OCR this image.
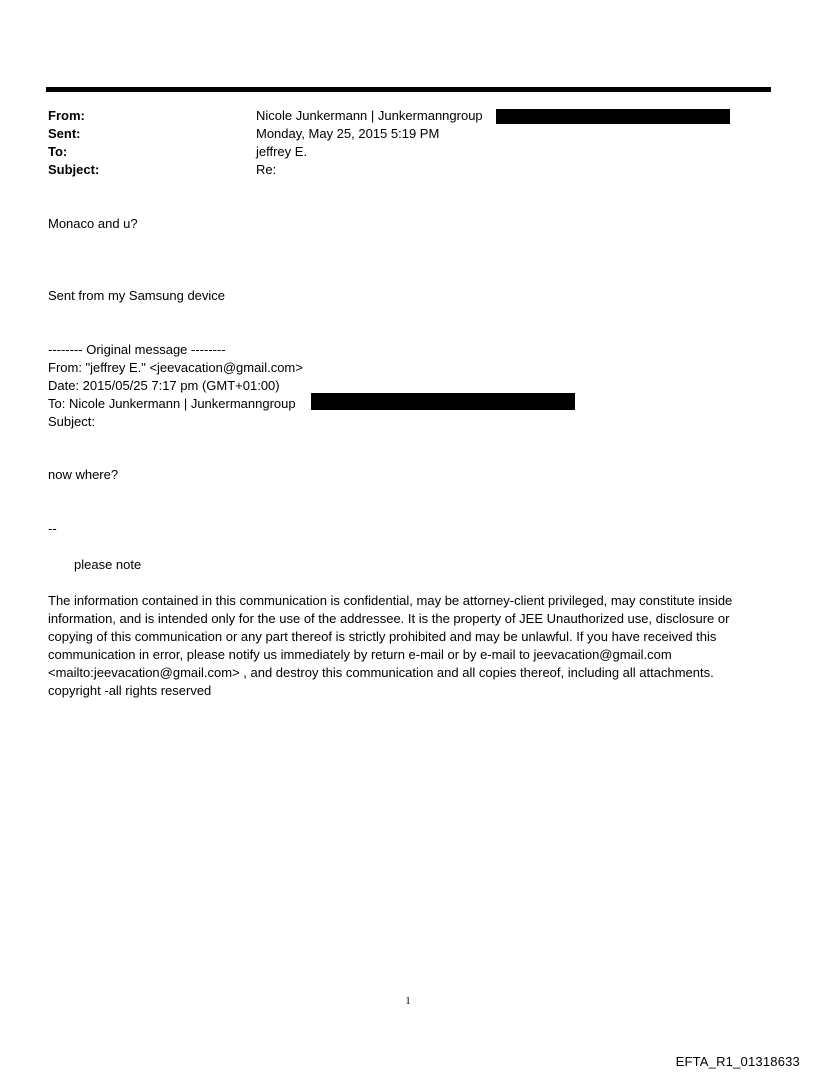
From:	Nicole Junkermann | Junkermanngroup
Sent:	Monday, May 25, 2015 5:19 PM
To:	jeffrey E.
Subject:	Re:
Monaco and u?
Sent from my Samsung device
-------- Original message --------
From: "jeffrey E." <jeevacation@gmail.com>
Date: 2015/05/25 7:17 pm (GMT+01:00)
To: Nicole Junkermann | Junkermanngroup
Subject:
now where?
--
please note

The information contained in this communication is confidential, may be attorney-client privileged, may constitute inside information, and is intended only for the use of the addressee. It is the property of JEE Unauthorized use, disclosure or copying of this communication or any part thereof is strictly prohibited and may be unlawful. If you have received this communication in error, please notify us immediately by return e-mail or by e-mail to jeevacation@gmail.com <mailto:jeevacation@gmail.com> , and destroy this communication and all copies thereof, including all attachments. copyright -all rights reserved

1
EFTA_R1_01318633
